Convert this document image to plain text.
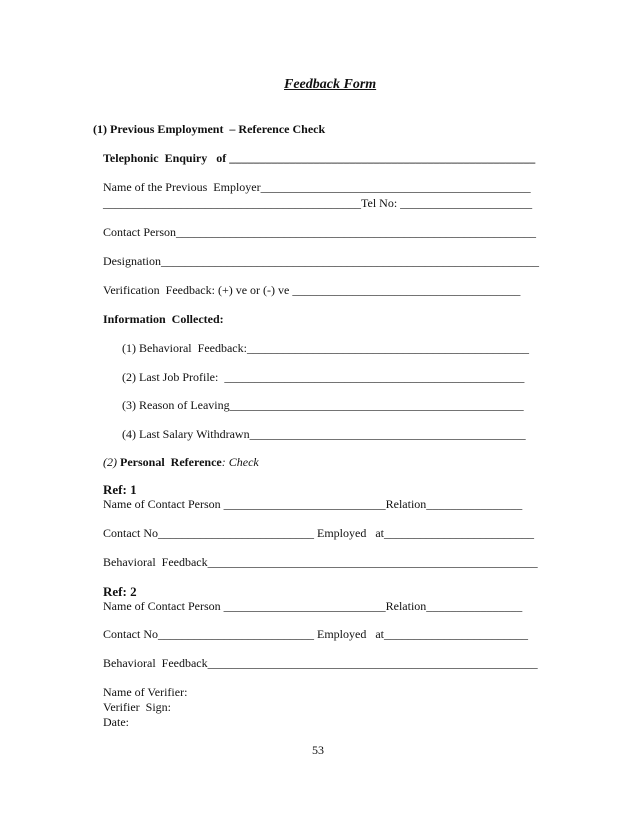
Feedback Form
(1) Previous Employment  – Reference Check
Telephonic  Enquiry   of ___________________________________________________
Name of the Previous  Employer_____________________________________________
___________________________________________Tel No: ______________________
Contact Person____________________________________________________________
Designation_______________________________________________________________
Verification  Feedback: (+) ve or (-) ve ______________________________________
Information  Collected:
(1) Behavioral  Feedback:_______________________________________________
(2) Last Job Profile:  __________________________________________________
(3) Reason of Leaving_________________________________________________
(4) Last Salary Withdrawn______________________________________________
(2) Personal  Reference: Check
Ref: 1
Name of Contact Person ___________________________Relation________________
Contact No__________________________ Employed   at_________________________
Behavioral  Feedback_______________________________________________________
Ref: 2
Name of Contact Person ___________________________Relation________________
Contact No__________________________ Employed   at________________________
Behavioral  Feedback_______________________________________________________
Name of Verifier:
Verifier  Sign:
Date:
53
